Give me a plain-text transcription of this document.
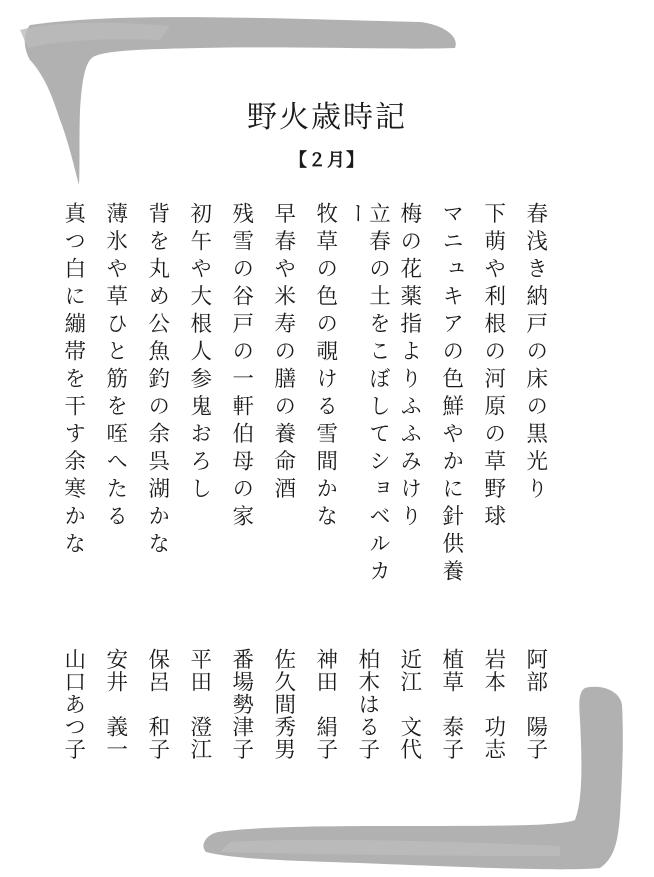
野火歳時記
【２月】
春浅き納戸の床の黒光り
阿部　陽子
下萌や利根の河原の草野球
岩本　功志
マニュキアの色鮮やかに針供養
植草　泰子
梅の花薬指よりふふみけり
近江　文代
立春の土をこぼしてショベルカー
柏木はる子
牧草の色の覗ける雪間かな
神田　絹子
早春や米寿の膳の養命酒
佐久間秀男
残雪の谷戸の一軒伯母の家
番場勢津子
初午や大根人参鬼おろし
平田　澄江
背を丸め公魚釣の余呉湖かな
保呂　和子
薄氷や草ひと筋を咥へたる
安井　義一
真つ白に繃帯を干す余寒かな
山口あつ子
